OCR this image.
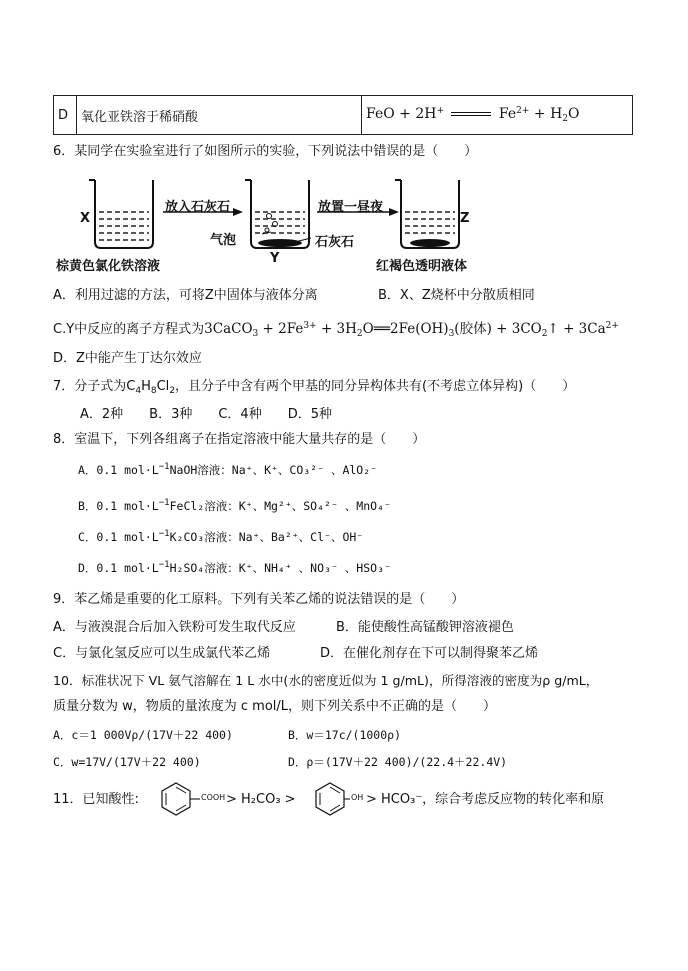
D	氧化亚铁溶于稀硝酸	FeO + 2H+	$Fe^{2+} + H_2O$
6．某同学在实验室进行了如图所示的实验，下列说法中错误的是（　　）
X
Y
Z
放入石灰石	放置一昼夜
气泡	石灰石
棕黄色氯化铁溶液	红褐色透明液体
A．利用过滤的方法，可将Z中固体与液体分离	B．X、Z烧杯中分散质相同
C.Y中反应的离子方程式为3CaCO$_3$ + $2Fe^{3+}$ + $3H_2O══2Fe(OH)_3$(胶体) + $3CO_2↑ + 3Ca^{2+}$
D．Z中能产生丁达尔效应
7．分子式为$C_4H_8Cl_2$，且分子中含有两个甲基的同分异构体共有(不考虑立体异构)（　　）
A．2种　　B．3种　　C．4种　　D．5种
8．室温下，下列各组离子在指定溶液中能大量共存的是（　　）
A．0.1 $mol\cdot L^{-1}NaOH$溶液：Na⁺、K⁺、CO₃²⁻ 、AlO₂⁻
B．0.1 $mol\cdot L^{-1}FeCl_2$溶液：K⁺、Mg²⁺、SO₄²⁻ 、MnO₄⁻
C．0.1 $mol\cdot L^{-1}K_2CO_3$溶液：Na⁺、Ba²⁺、Cl⁻、OH⁻
D．0.1 $mol\cdot L^{-1}H_2SO_4$溶液：K⁺、NH₄⁺ 、NO₃⁻ 、HSO₃⁻
9．苯乙烯是重要的化工原料。下列有关苯乙烯的说法错误的是（　　）
A．与液溴混合后加入铁粉可发生取代反应	B．能使酸性高锰酸钾溶液褪色
C．与氯化氢反应可以生成氯代苯乙烯	D．在催化剂存在下可以制得聚苯乙烯
10．标准状况下 VL 氨气溶解在 1 L 水中(水的密度近似为 1 g/mL)，所得溶液的密度为ρ g/mL，
质量分数为 w，物质的量浓度为 c mol/L，则下列关系中不正确的是（　　）
A．c＝1 000Vρ/(17V＋22 400)	B．w＝17c/(1000ρ)
C．w=17V/(17V＋22 400)	D．ρ＝(17V＋22 400)/(22.4＋22.4V)
11．已知酸性:	COOH > H₂CO₃ >	OH > HCO₃⁻，综合考虑反应物的转化率和原
